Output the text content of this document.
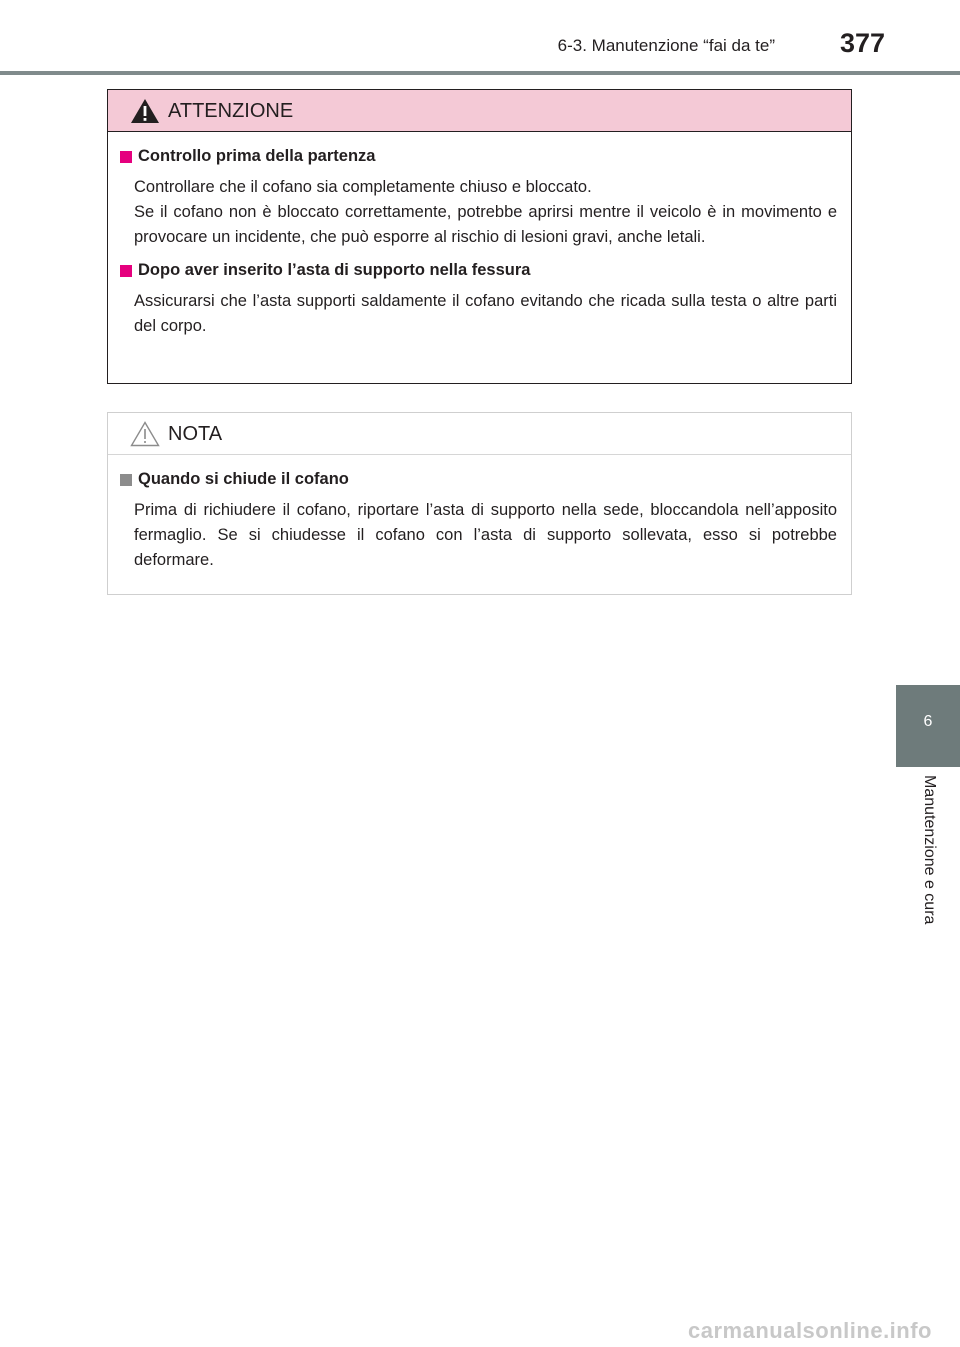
6-3. Manutenzione “fai da te” 377
6
Manutenzione e cura
ATTENZIONE
Controllo prima della partenza

Controllare che il cofano sia completamente chiuso e bloccato.

Se il cofano non è bloccato correttamente, potrebbe aprirsi mentre il veicolo è in movimento e provocare un incidente, che può esporre al rischio di lesioni gravi, anche letali.

Dopo aver inserito l’asta di supporto nella fessura

Assicurarsi che l’asta supporti saldamente il cofano evitando che ricada sulla testa o altre parti del corpo.

NOTA
Quando si chiude il cofano

Prima di richiudere il cofano, riportare l’asta di supporto nella sede, bloccandola nell’apposito fermaglio. Se si chiudesse il cofano con l’asta di supporto sollevata, esso si potrebbe deformare.

carmanualsonline.info
